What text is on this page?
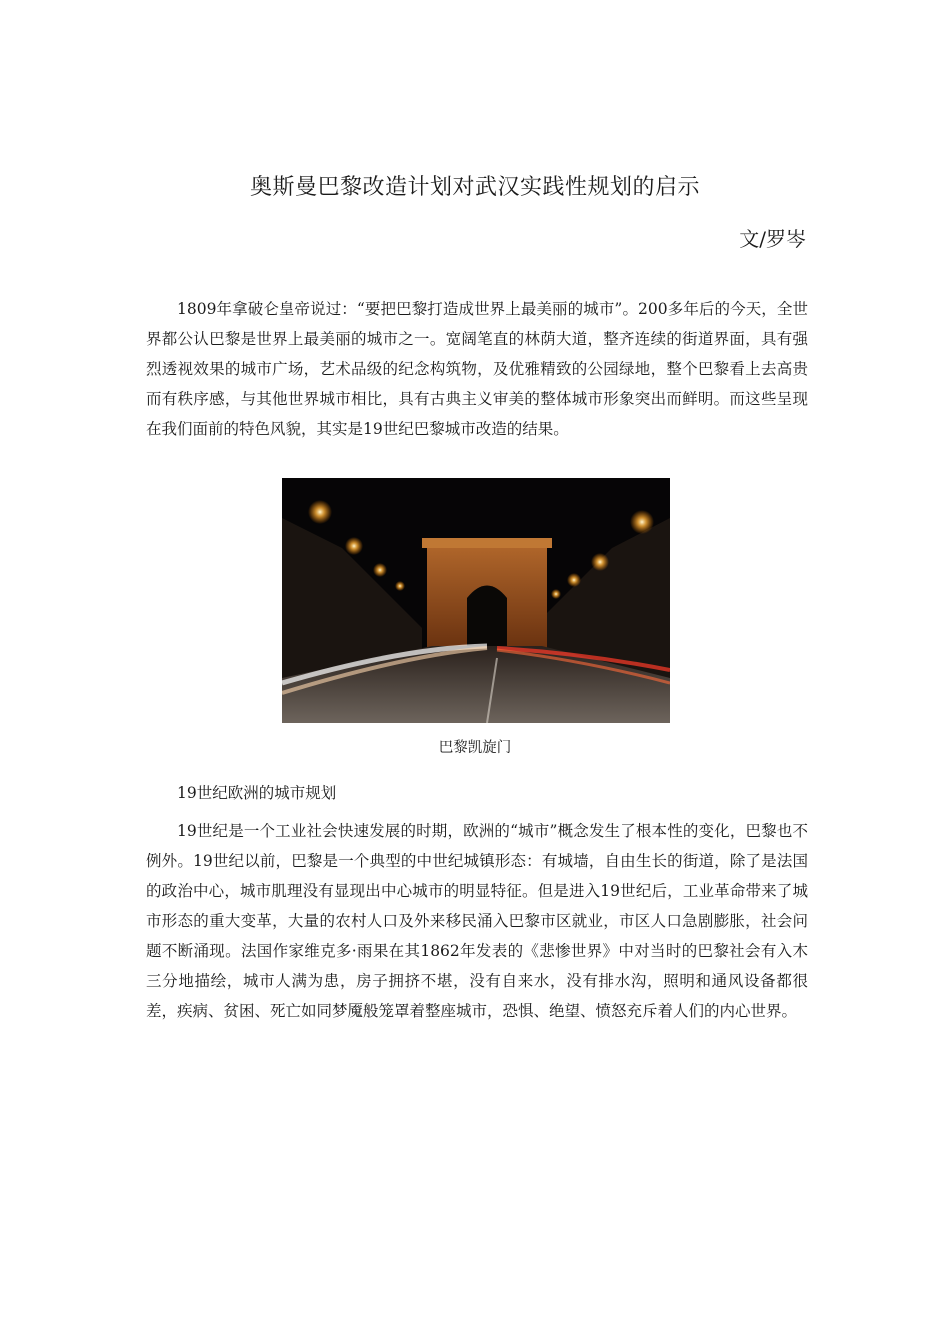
奥斯曼巴黎改造计划对武汉实践性规划的启示
文/罗岑

1809年拿破仑皇帝说过：“要把巴黎打造成世界上最美丽的城市”。200多年后的今天，全世界都公认巴黎是世界上最美丽的城市之一。宽阔笔直的林荫大道，整齐连续的街道界面，具有强烈透视效果的城市广场，艺术品级的纪念构筑物，及优雅精致的公园绿地，整个巴黎看上去高贵而有秩序感，与其他世界城市相比，具有古典主义审美的整体城市形象突出而鲜明。而这些呈现在我们面前的特色风貌，其实是19世纪巴黎城市改造的结果。

巴黎凯旋门
19世纪欧洲的城市规划

19世纪是一个工业社会快速发展的时期，欧洲的“城市”概念发生了根本性的变化，巴黎也不例外。19世纪以前，巴黎是一个典型的中世纪城镇形态：有城墙，自由生长的街道，除了是法国的政治中心，城市肌理没有显现出中心城市的明显特征。但是进入19世纪后，工业革命带来了城市形态的重大变革，大量的农村人口及外来移民涌入巴黎市区就业，市区人口急剧膨胀，社会问题不断涌现。法国作家维克多·雨果在其1862年发表的《悲惨世界》中对当时的巴黎社会有入木三分地描绘，城市人满为患，房子拥挤不堪，没有自来水，没有排水沟，照明和通风设备都很差，疾病、贫困、死亡如同梦魇般笼罩着整座城市，恐惧、绝望、愤怒充斥着人们的内心世界。
